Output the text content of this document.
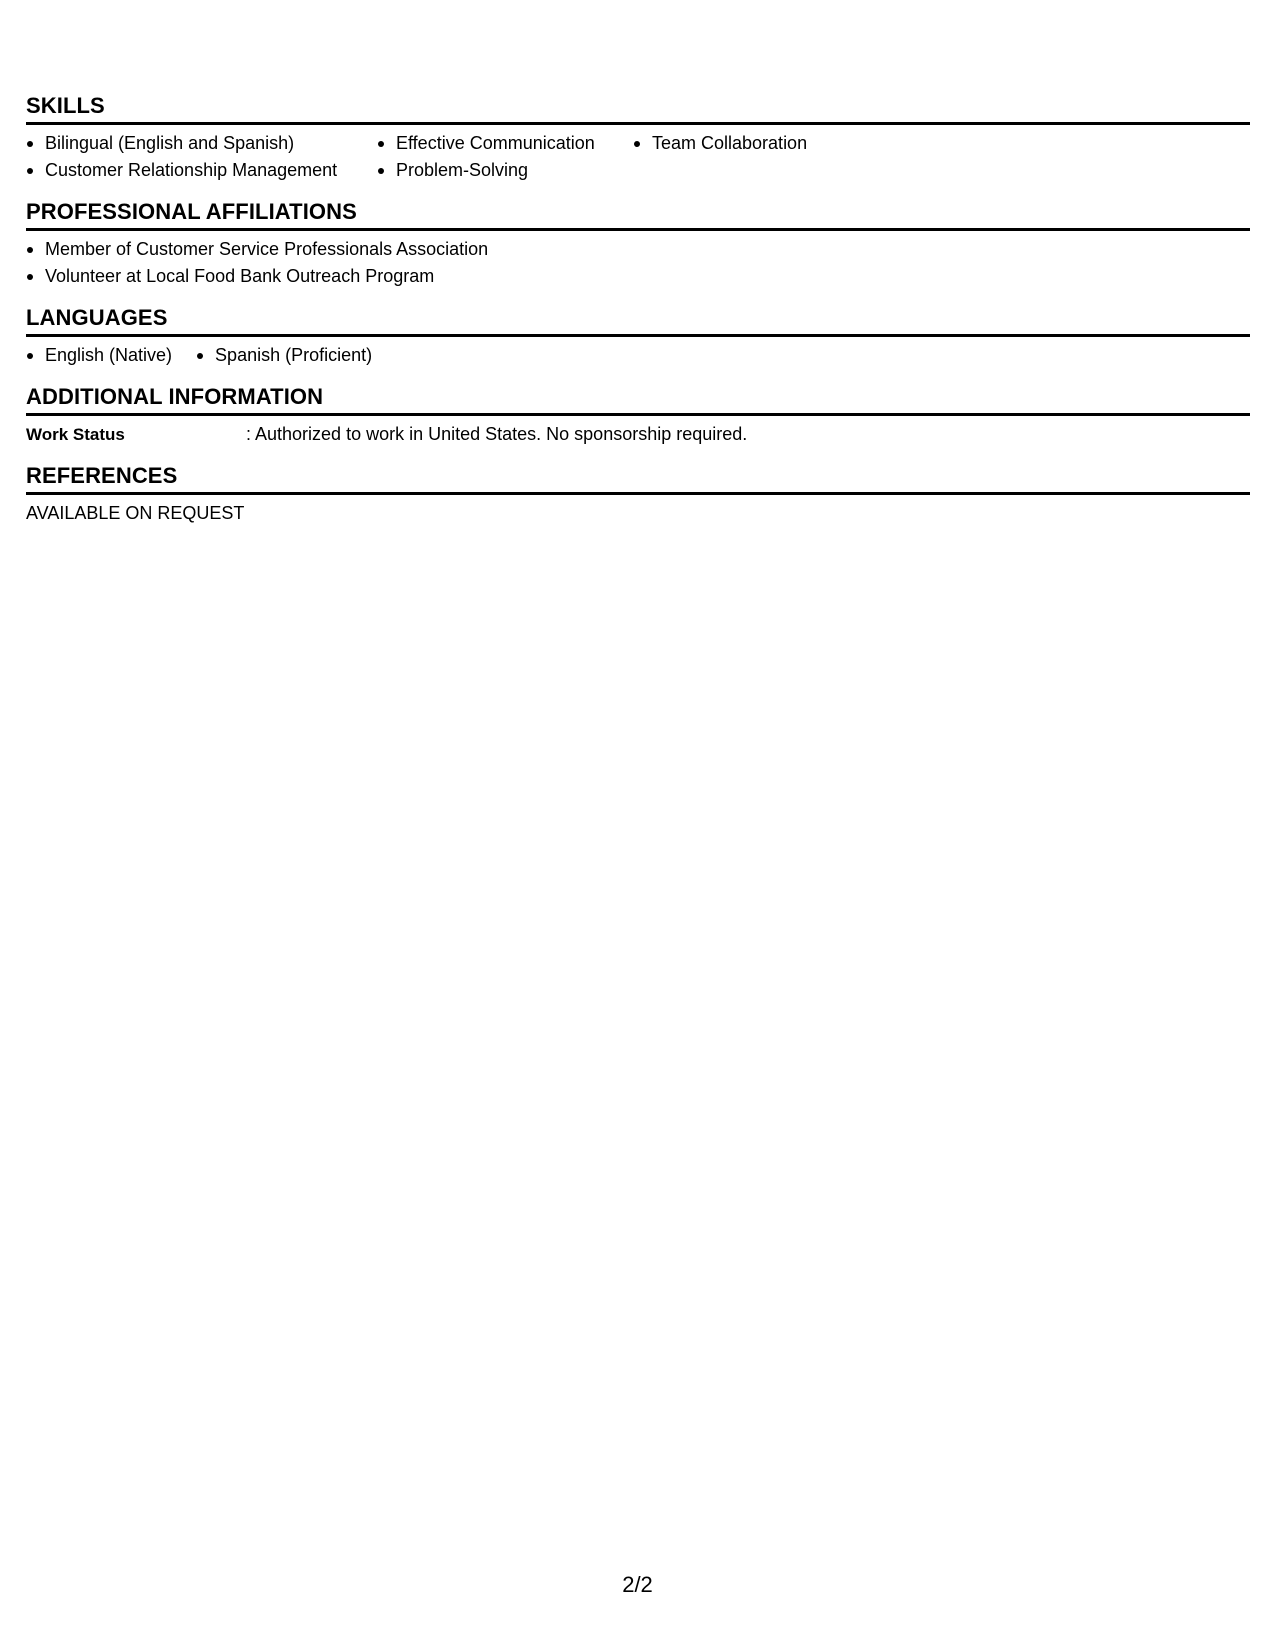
SKILLS
Bilingual (English and Spanish)
Customer Relationship Management
Effective Communication
Problem-Solving
Team Collaboration
PROFESSIONAL AFFILIATIONS
Member of Customer Service Professionals Association
Volunteer at Local Food Bank Outreach Program
LANGUAGES
English (Native)	Spanish (Proficient)
ADDITIONAL INFORMATION
Work Status	: Authorized to work in United States. No sponsorship required.
REFERENCES
AVAILABLE ON REQUEST
2/2
